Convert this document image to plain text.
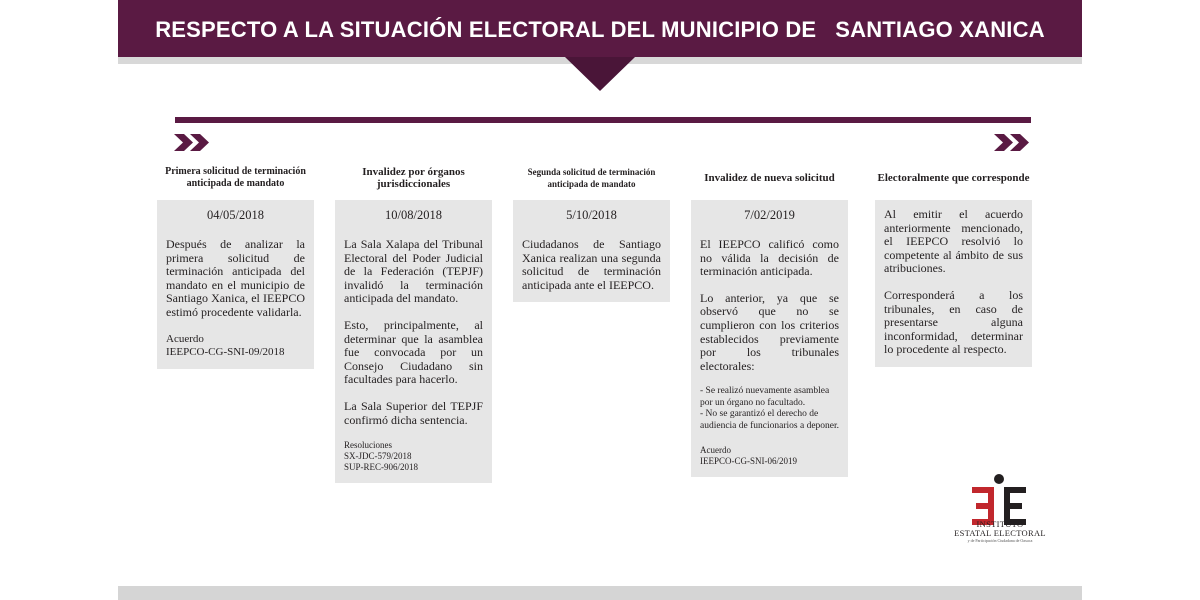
RESPECTO A LA SITUACIÓN ELECTORAL DEL MUNICIPIO DE   SANTIAGO XANICA
Primera solicitud de terminación anticipada de mandato
04/05/2018
Después de analizar la primera solicitud de terminación anticipada del mandato en el municipio de Santiago Xanica, el IEEPCO estimó procedente validarla.
Acuerdo
IEEPCO-CG-SNI-09/2018
Invalidez por órganos jurisdiccionales
10/08/2018
La Sala Xalapa del Tribunal Electoral del Poder Judicial de la Federación (TEPJF) invalidó la terminación anticipada del mandato.
Esto, principalmente, al determinar que la asamblea fue convocada por un Consejo Ciudadano sin facultades para hacerlo.
La Sala Superior del TEPJF confirmó dicha sentencia.
Resoluciones
SX-JDC-579/2018
SUP-REC-906/2018
Segunda solicitud de terminación anticipada de mandato
5/10/2018
Ciudadanos de Santiago Xanica realizan una segunda solicitud de terminación anticipada ante el IEEPCO.
Invalidez de nueva solicitud
7/02/2019
El IEEPCO calificó como no válida la decisión de terminación anticipada.
Lo anterior, ya que se observó que no se cumplieron con los criterios establecidos previamente por los tribunales electorales:
- Se realizó nuevamente asamblea por un órgano no facultado.
- No se garantizó el derecho de audiencia de funcionarios a deponer.
Acuerdo
IEEPCO-CG-SNI-06/2019
Electoralmente que corresponde
Al emitir el acuerdo anteriormente mencionado, el IEEPCO resolvió lo competente al ámbito de sus atribuciones.
Corresponderá a los tribunales, en caso de presentarse alguna inconformidad, determinar lo procedente al respecto.
INSTITUTO
ESTATAL ELECTORAL
y de Participación Ciudadana de Oaxaca
